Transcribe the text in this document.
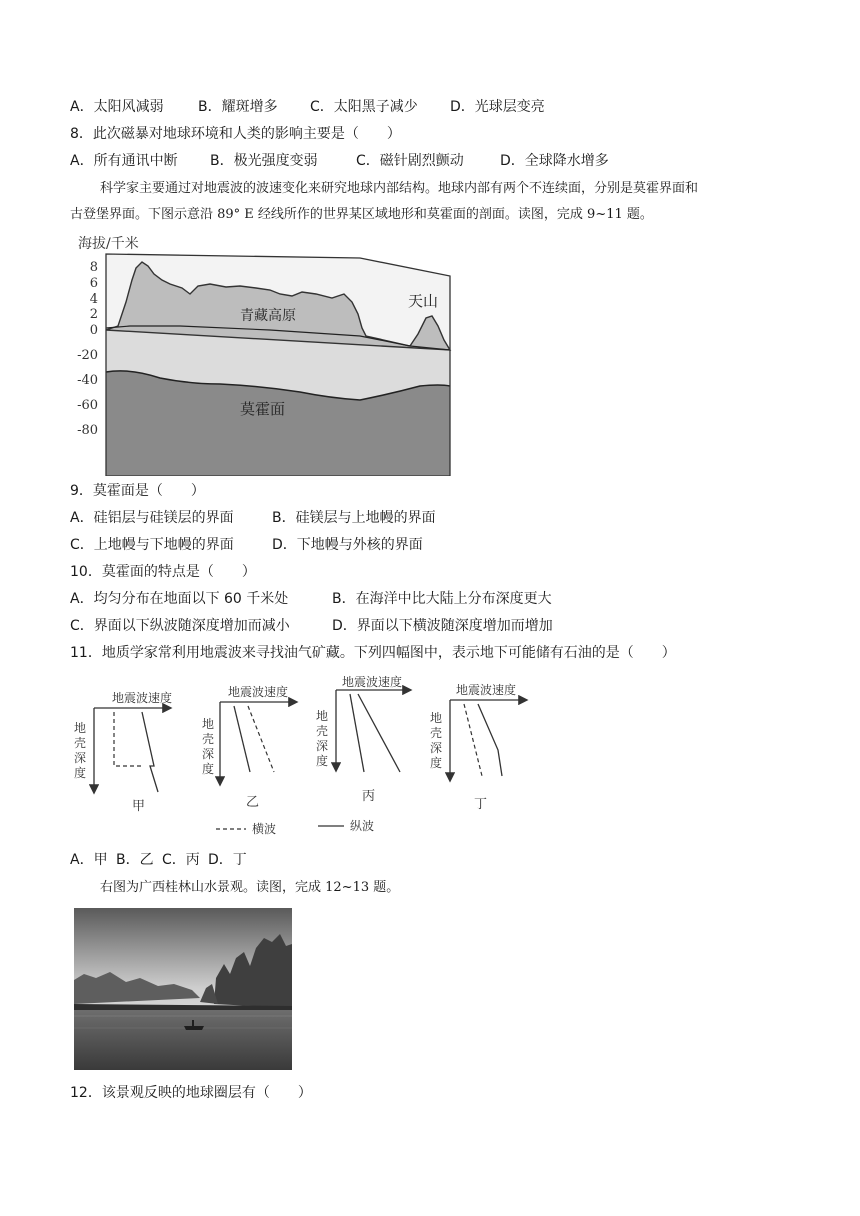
A．太阳风减弱 B．耀斑增多 C．太阳黑子减少 D．光球层变亮
8．此次磁暴对地球环境和人类的影响主要是（　　）
A．所有通讯中断 B．极光强度变弱	C．磁针剧烈颤动	D．全球降水增多
科学家主要通过对地震波的波速变化来研究地球内部结构。地球内部有两个不连续面，分别是莫霍界面和
古登堡界面。下图示意沿 89° E 经线所作的世界某区域地形和莫霍面的剖面。读图，完成 9~11 题。
海拔/千米
8
6
4
2
0
-20
-40
-60
-80
青藏高原
天山
莫霍面
9．莫霍面是（　　）
A．硅铝层与硅镁层的界面	B．硅镁层与上地幔的界面
C．上地幔与下地幔的界面	D．下地幔与外核的界面
10．莫霍面的特点是（　　）
A．均匀分布在地面以下 60 千米处	B．在海洋中比大陆上分布深度更大
C．界面以下纵波随深度增加而减小	D．界面以下横波随深度增加而增加
11．地质学家常利用地震波来寻找油气矿藏。下列四幅图中，表示地下可能储有石油的是（　　）
地震波速度
地
壳
深
度
甲
地震波速度
地
壳
深
度
乙
地震波速度
地
壳
深
度
丙
地震波速度
地
壳
深
度
丁
横波	纵波
A．甲 B．乙 C．丙 D．丁
右图为广西桂林山水景观。读图，完成 12~13 题。
12．该景观反映的地球圈层有（　　）
